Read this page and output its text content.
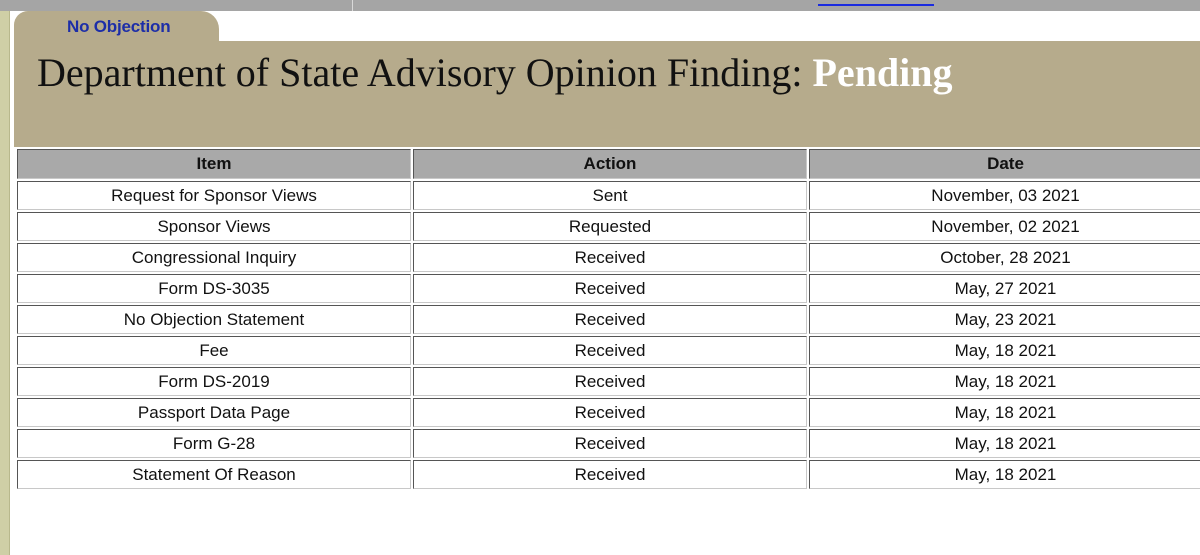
No Objection
Department of State Advisory Opinion Finding: Pending
Item	Action	Date
Request for Sponsor Views	Sent	November, 03 2021
Sponsor Views	Requested	November, 02 2021
Congressional Inquiry	Received	October, 28 2021
Form DS-3035	Received	May, 27 2021
No Objection Statement	Received	May, 23 2021
Fee	Received	May, 18 2021
Form DS-2019	Received	May, 18 2021
Passport Data Page	Received	May, 18 2021
Form G-28	Received	May, 18 2021
Statement Of Reason	Received	May, 18 2021
